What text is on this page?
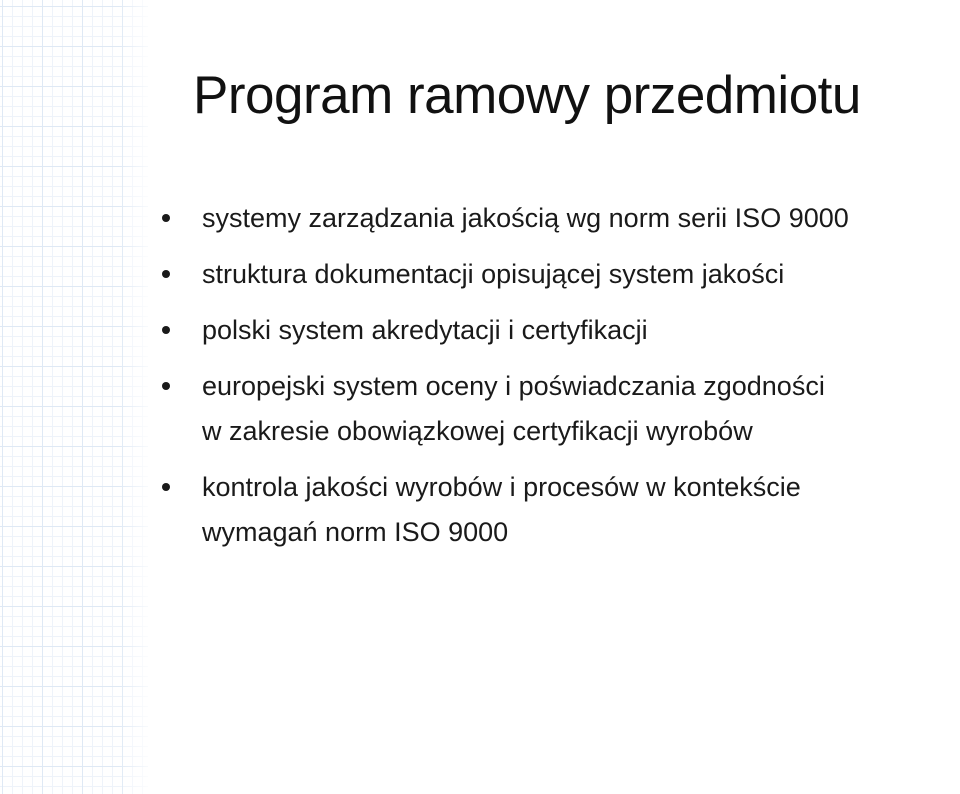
Program ramowy przedmiotu
systemy zarządzania jakością wg norm serii ISO 9000
struktura dokumentacji opisującej system jakości
polski system akredytacji i certyfikacji
europejski system oceny i poświadczania zgodności
w zakresie obowiązkowej certyfikacji wyrobów
kontrola jakości wyrobów i procesów w kontekście
wymagań norm ISO 9000
